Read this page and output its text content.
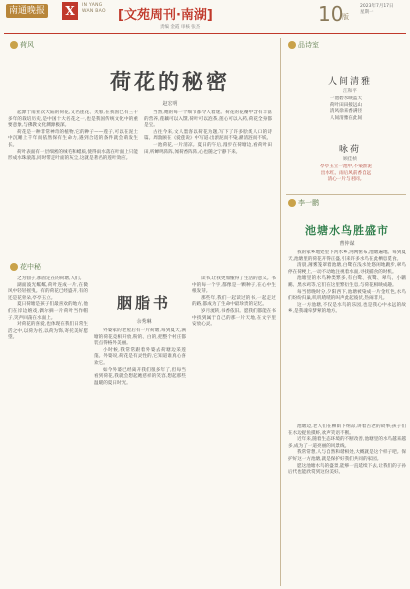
南通晚报 X	IN YANG
WAN BAO [文苑周刊·南湖]	10
版
2023年7月17日
星期一
责编 金霞 审核 张杰
荷风
荷花的秘密
赵宏明

起源于南亚次大陆的荷花,又名莲花、芙蓉,在我国已有三千多年的栽培历史,是中国十大名花之一,也是我国传统文化中的重要意象,与佛教文化渊源极深。

荷花是一种非常神奇的植物,它的种子——莲子,可以在泥土中沉睡上千年而依然保有生命力,遇到合适的条件就会萌发生长。

荷叶表面有一层细密的绒毛和蜡质,使得雨水落在叶面上只能形成水珠滚落,同时带走叶面的灰尘,这就是著名的莲叶效应。

当然,她的每一个细节都令人着迷。荷花的花瓣中含有丰富的营养,莲藕可以入馔,荷叶可以泡茶,莲心可以入药,荷花全身都是宝。

古往今来,文人墨客以荷花为题,写下了许多脍炙人口的诗篇。周敦颐在《爱莲说》中写道:出淤泥而不染,濯清涟而不妖。

一池荷花,一片清凉。夏日的午后,漫步在荷塘边,看荷叶田田,听蝉鸣阵阵,闻荷香阵阵,心也随之宁静下来。

花中秘

之为仙子,那固定在的荷塘,人们。

湖面波光粼粼,荷叶连成一片,在微风中轻轻摇曳。有的荷花已经盛开,有的还是花骨朵,亭亭玉立。

夏日荷塘是孩子们最喜欢的地方,他们在岸边嬉戏,偶尔摘一片荷叶当作帽子,笑声回荡在水面上。

对荷花的喜爱,也体现在我们日常生活之中,以荷为名,以荷为饰,寄托美好愿望。

胭脂书
余秀琳

外婆家的老屋后有一片荷塘,每到夏天,满塘的荷花竞相开放,粉的、白的,把整个村庄都装点得格外美丽。

小时候,我常常跟着外婆去荷塘边采莲蓬。外婆说,荷花是有灵性的,它知道谁真心喜欢它。

如今外婆已经离开我们很多年了,但每当看到荷花,我就会想起她慈祥的笑容,想起那些温暖的夏日时光。

读书,让我更加懂得了生活的意义。书中的每一个字,都像是一颗种子,在心中生根发芽。

那些年,我们一起读过的书,一起走过的路,都成为了生命中最珍贵的记忆。

岁月流转,书香依旧。愿我们都能在书中找到属于自己的那一片天地,在文字里安放心灵。

品诗室
人间清雅
江和平
一池碧水映蓝天
荷叶田田接远山
清风徐来香满径
人间清雅在此间
咏荷
顾佳桢
亭亭玉立一池中,不染淤泥
出水红。雨后风前香自远
清心一片与君同。
李一鹏
池塘水鸟胜盛市
曹仲谋

我的家乡地处里下河水乡,河网密布,池塘遍地。每到夏天,池塘里的荷花开得正盛,引来许多水鸟在此栖息觅食。

清晨,薄雾笼罩着池塘,白鹭在浅水处悠闲地踱步,翠鸟停在荷梗上,一动不动地注视着水面,寻找捕食的时机。

池塘里的水鸟种类繁多,有白鹭、夜鹭、翠鸟、小䴙䴘、黑水鸡等,它们在这里繁衍生息,与荷花相映成趣。

每当傍晚时分,夕阳西下,池塘被染成一片金红色,水鸟们纷纷归巢,叽叽喳喳的叫声此起彼伏,热闹非凡。

这一方池塘,不仅是水鸟的乐园,也是我心中永远的故乡,是我魂牵梦萦的地方。

池塘边,老人们在柳荫下纳凉,讲着古老的故事;孩子们在水边捉鱼摸虾,欢声笑语不断。

近年来,随着生态环境的不断改善,池塘里的水鸟越来越多,成为了一道亮丽的风景线。

我常常想,人与自然和谐相处,大概就是这个样子吧。保护好这一方池塘,就是保护好我们共同的家园。

愿这池塘水鸟的盛景,能够一直延续下去,让我们的子孙后代也能欣赏到这份美好。
